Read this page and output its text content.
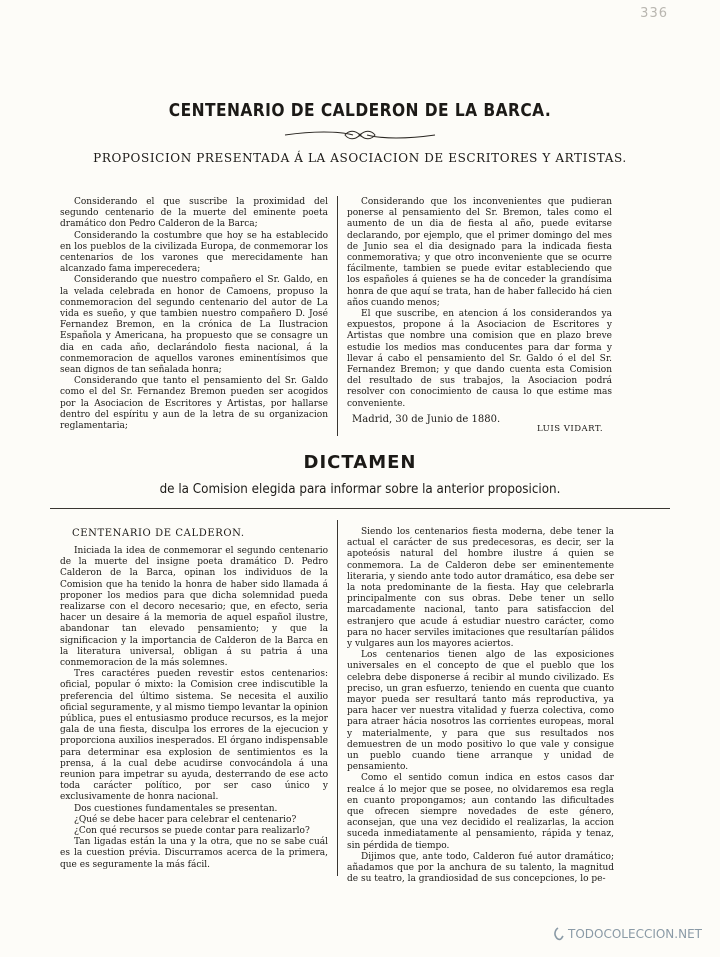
336
CENTENARIO DE CALDERON DE LA BARCA.
PROPOSICION PRESENTADA Á LA ASOCIACION DE ESCRITORES Y ARTISTAS.

Considerando el que suscribe la proximidad del segundo centenario de la muerte del eminente poeta dramático don Pedro Calderon de la Barca;

Considerando la costumbre que hoy se ha establecido en los pueblos de la civilizada Europa, de conmemorar los centenarios de los varones que merecidamente han alcanzado fama imperecedera;

Considerando que nuestro compañero el Sr. Galdo, en la velada celebrada en honor de Camoens, propuso la conmemoracion del segundo centenario del autor de La vida es sueño, y que tambien nuestro compañero D. José Fernandez Bremon, en la crónica de La Ilustracion Española y Americana, ha propuesto que se consagre un dia en cada año, declarándolo fiesta nacional, á la conmemoracion de aquellos varones eminentísimos que sean dignos de tan señalada honra;

Considerando que tanto el pensamiento del Sr. Galdo como el del Sr. Fernandez Bremon pueden ser acogidos por la Asociacion de Escritores y Artistas, por hallarse dentro del espíritu y aun de la letra de su organizacion reglamentaria;

Considerando que los inconvenientes que pudieran ponerse al pensamiento del Sr. Bremon, tales como el aumento de un dia de fiesta al año, puede evitarse declarando, por ejemplo, que el primer domingo del mes de Junio sea el dia designado para la indicada fiesta conmemorativa; y que otro inconveniente que se ocurre fácilmente, tambien se puede evitar estableciendo que los españoles á quienes se ha de conceder la grandísima honra de que aquí se trata, han de haber fallecido há cien años cuando menos;

El que suscribe, en atencion á los considerandos ya expuestos, propone á la Asociacion de Escritores y Artistas que nombre una comision que en plazo breve estudie los medios mas conducentes para dar forma y llevar á cabo el pensamiento del Sr. Galdo ó el del Sr. Fernandez Bremon; y que dando cuenta esta Comision del resultado de sus trabajos, la Asociacion podrá resolver con conocimiento de causa lo que estime mas conveniente.

Madrid, 30 de Junio de 1880.
LUIS VIDART.
DICTAMEN
de la Comision elegida para informar sobre la anterior proposicion.
CENTENARIO DE CALDERON.

Iniciada la idea de conmemorar el segundo centenario de la muerte del insigne poeta dramático D. Pedro Calderon de la Barca, opinan los individuos de la Comision que ha tenido la honra de haber sido llamada á proponer los medios para que dicha solemnidad pueda realizarse con el decoro necesario; que, en efecto, seria hacer un desaire á la memoria de aquel español ilustre, abandonar tan elevado pensamiento; y que la significacion y la importancia de Calderon de la Barca en la literatura universal, obligan á su patria á una conmemoracion de la más solemnes.

Tres caractéres pueden revestir estos centenarios: oficial, popular ó mixto: la Comision cree indiscutible la preferencia del último sistema. Se necesita el auxilio oficial seguramente, y al mismo tiempo levantar la opinion pública, pues el entusiasmo produce recursos, es la mejor gala de una fiesta, disculpa los errores de la ejecucion y proporciona auxilios inesperados. El órgano indispensable para determinar esa explosion de sentimientos es la prensa, á la cual debe acudirse convocándola á una reunion para impetrar su ayuda, desterrando de ese acto toda carácter político, por ser caso único y exclusivamente de honra nacional.

Dos cuestiones fundamentales se presentan.

¿Qué se debe hacer para celebrar el centenario?

¿Con qué recursos se puede contar para realizarlo?

Tan ligadas están la una y la otra, que no se sabe cuál es la cuestion prévia. Discurramos acerca de la primera, que es seguramente la más fácil.

Siendo los centenarios fiesta moderna, debe tener la actual el carácter de sus predecesoras, es decir, ser la apoteósis natural del hombre ilustre á quien se conmemora. La de Calderon debe ser eminentemente literaria, y siendo ante todo autor dramático, esa debe ser la nota predominante de la fiesta. Hay que celebrarla principalmente con sus obras. Debe tener un sello marcadamente nacional, tanto para satisfaccion del estranjero que acude á estudiar nuestro carácter, como para no hacer serviles imitaciones que resultarían pálidos y vulgares aun los mayores aciertos.

Los centenarios tienen algo de las exposiciones universales en el concepto de que el pueblo que los celebra debe disponerse á recibir al mundo civilizado. Es preciso, un gran esfuerzo, teniendo en cuenta que cuanto mayor pueda ser resultará tanto más reproductiva, ya para hacer ver nuestra vitalidad y fuerza colectiva, como para atraer hácia nosotros las corrientes europeas, moral y materialmente, y para que sus resultados nos demuestren de un modo positivo lo que vale y consigue un pueblo cuando tiene arranque y unidad de pensamiento.

Como el sentido comun indica en estos casos dar realce á lo mejor que se posee, no olvidaremos esa regla en cuanto propongamos; aun contando las dificultades que ofrecen siempre novedades de este género, aconsejan, que una vez decidido el realizarlas, la accion suceda inmediatamente al pensamiento, rápida y tenaz, sin pérdida de tiempo.

Dijimos que, ante todo, Calderon fué autor dramático; añadamos que por la anchura de su talento, la magnitud de su teatro, la grandiosidad de sus concepciones, lo pe-

TODOCOLECCION.NET
